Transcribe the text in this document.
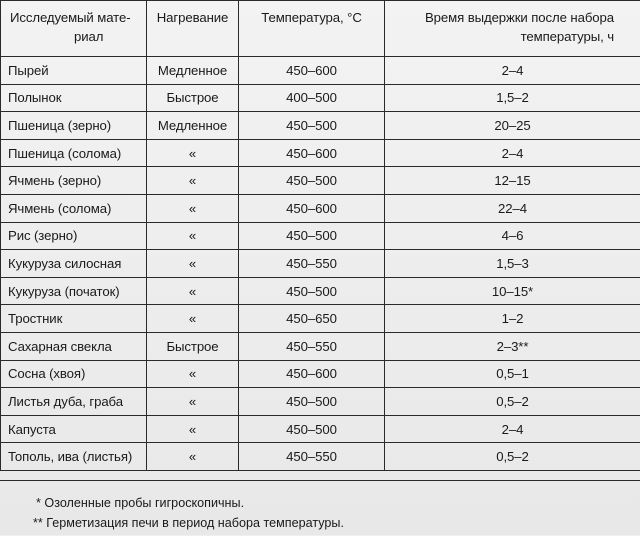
Исследуемый мате-
риал	Нагревание	Температура, °С	Время выдержки после набора
температуры, ч

Пырей	Медленное	450–600	2–4
Полынок	Быстрое	400–500	1,5–2
Пшеница (зерно)	Медленное	450–500	20–25
Пшеница (солома)	«	450–600	2–4
Ячмень (зерно)	«	450–500	12–15
Ячмень (солома)	«	450–600	22–4
Рис (зерно)	«	450–500	4–6
Кукуруза силосная	«	450–550	1,5–3
Кукуруза (початок)	«	450–500	10–15*
Тростник	«	450–650	1–2
Сахарная свекла	Быстрое	450–550	2–3**
Сосна (хвоя)	«	450–600	0,5–1
Листья дуба, граба	«	450–500	0,5–2
Капуста	«	450–500	2–4
Тополь, ива (листья)	«	450–550	0,5–2
* Озоленные пробы гигроскопичны.
** Герметизация печи в период набора температуры.
